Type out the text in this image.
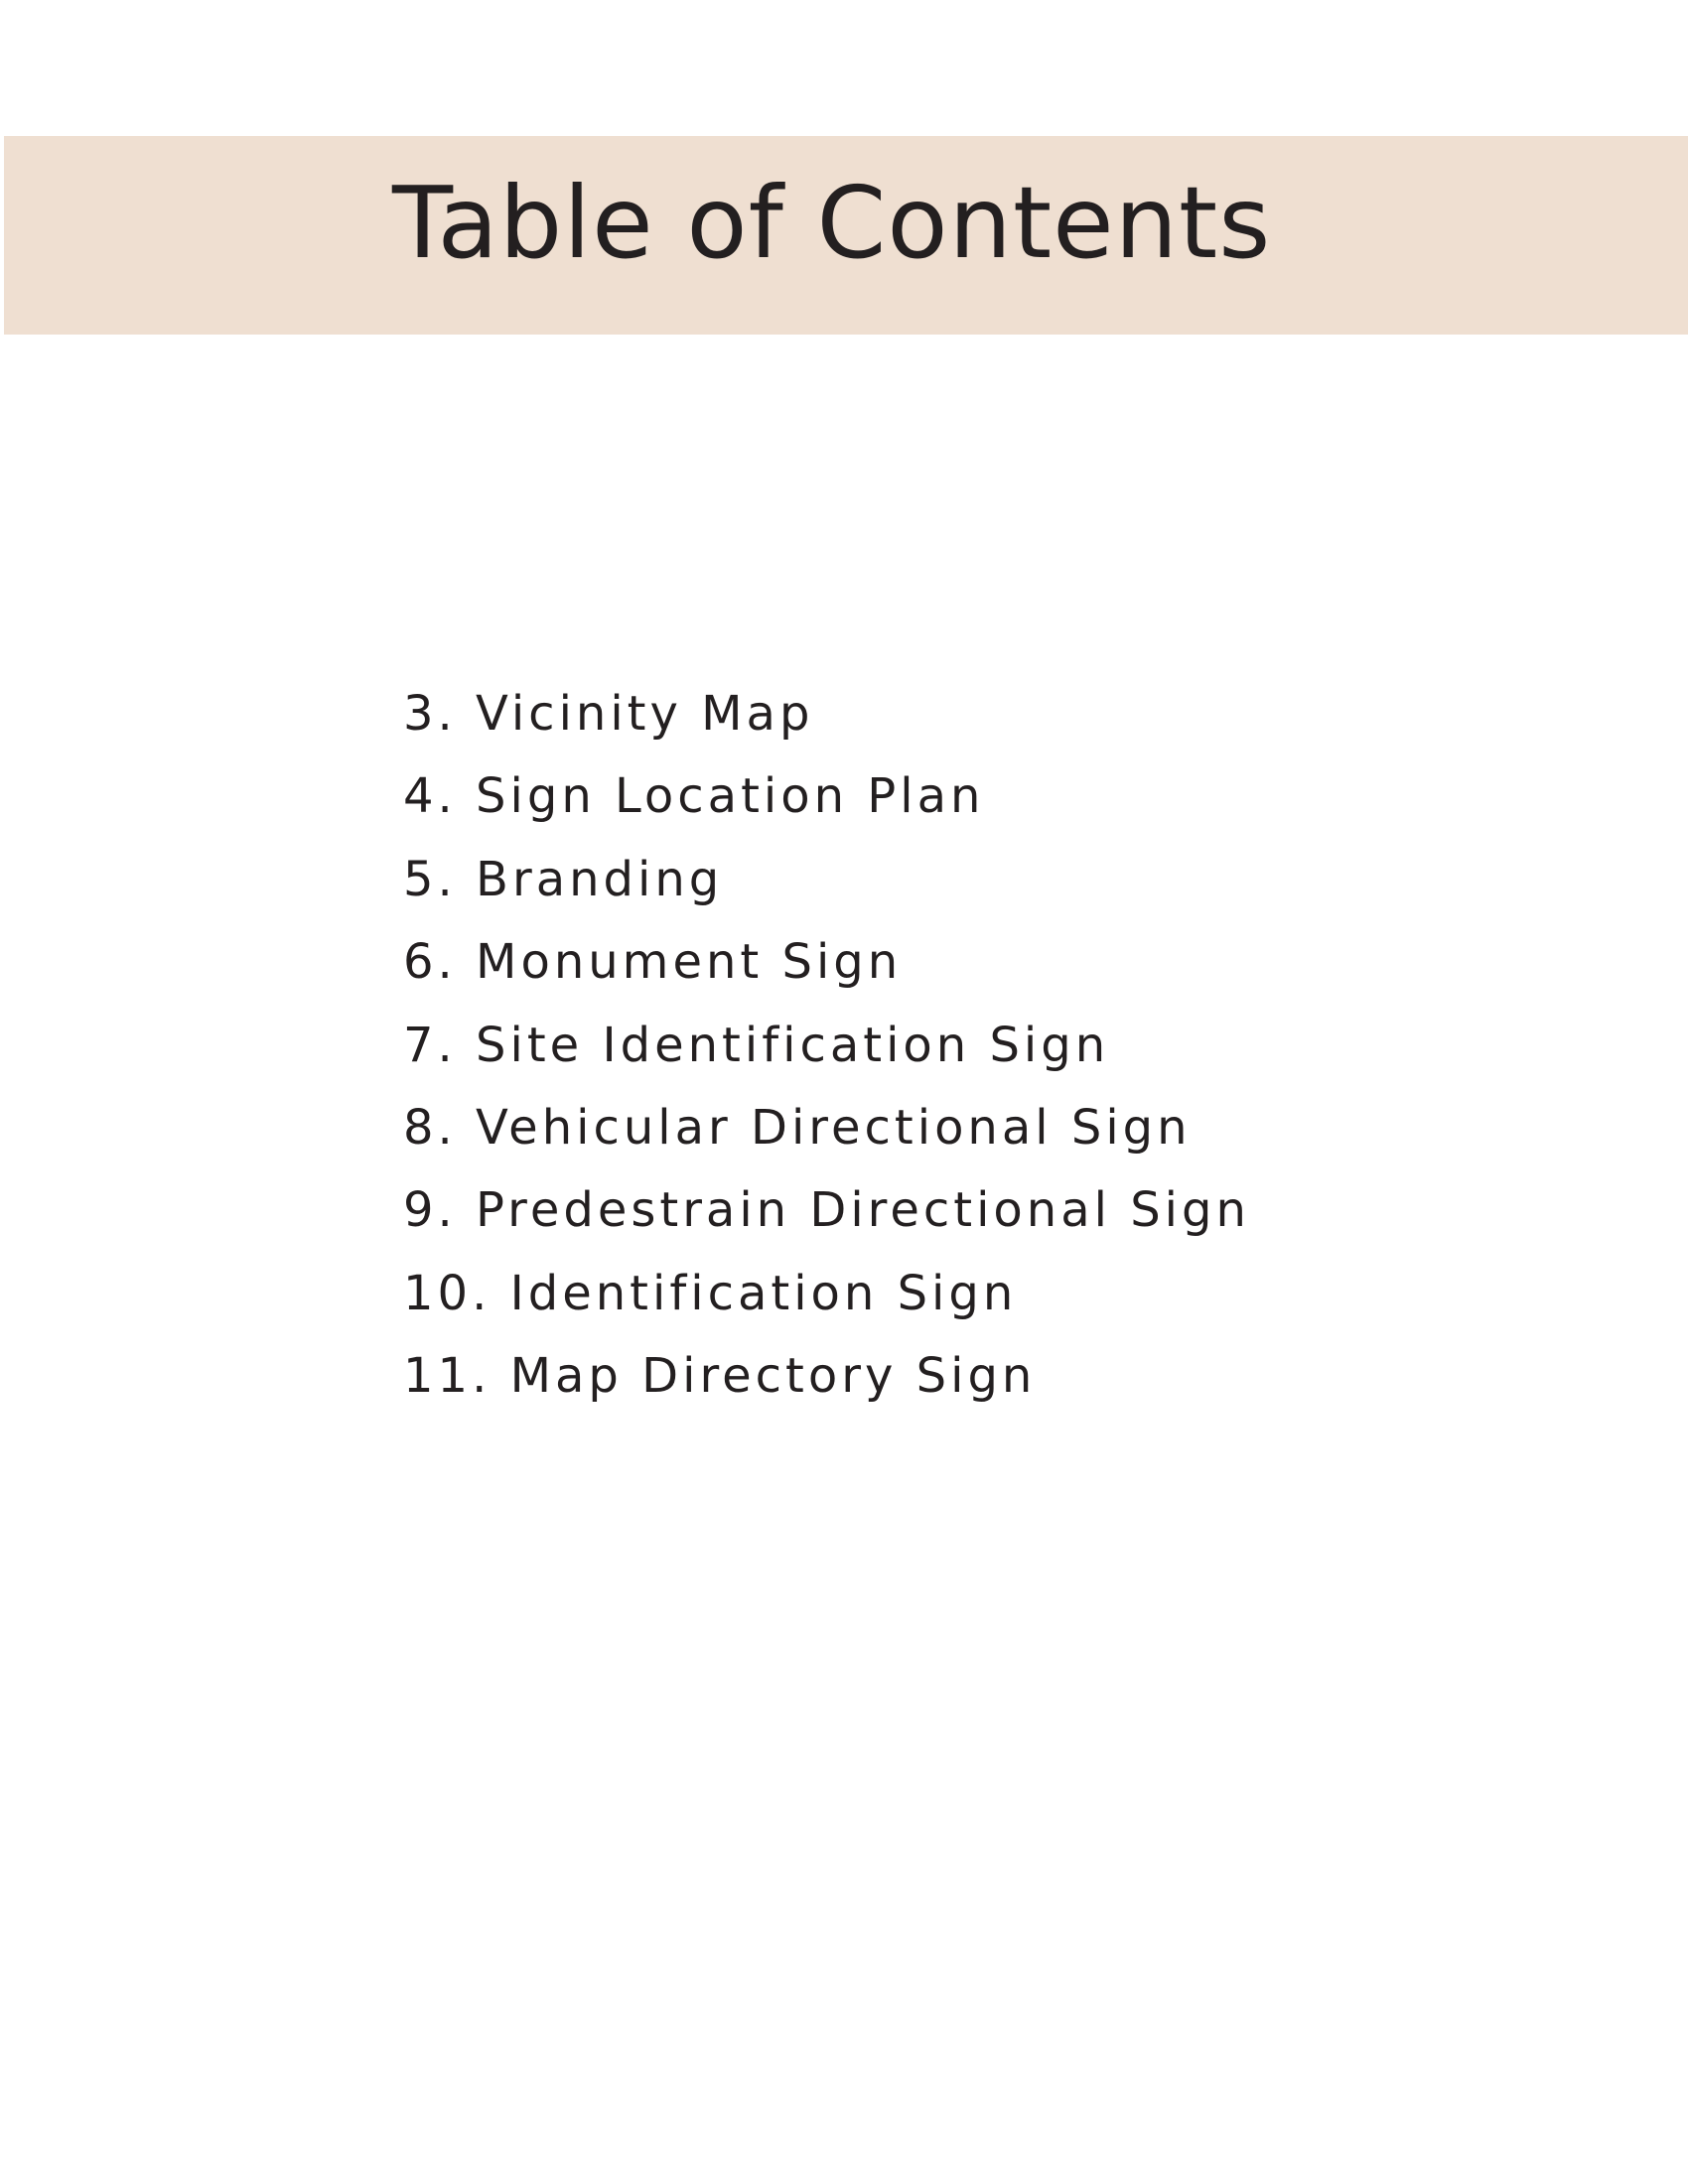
Table of Contents
3. Vicinity Map
4. Sign Location Plan
5. Branding
6. Monument Sign
7. Site Identification Sign
8. Vehicular Directional Sign
9. Predestrain Directional Sign
10. Identification Sign
11. Map Directory Sign
